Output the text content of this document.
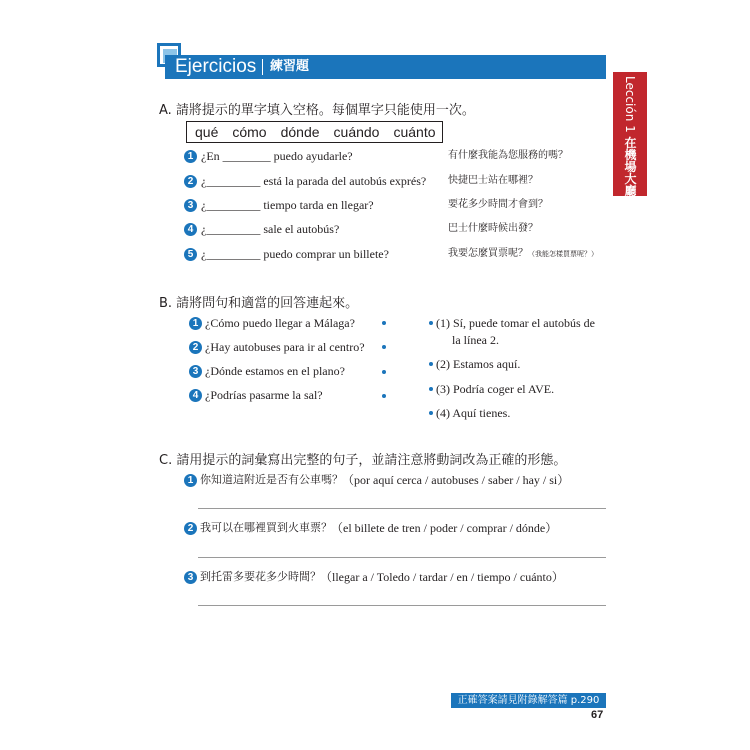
Ejercicios 練習題
Lección 1 在機場大廳
A. 請將提示的單字填入空格。每個單字只能使用一次。
qué cómo dónde cuándo cuánto
1 ¿En ________ puedo ayudarle?	有什麼我能為您服務的嗎？
2 ¿_________ está la parada del autobús exprés? 快捷巴士站在哪裡？
3 ¿_________ tiempo tarda en llegar?	要花多少時間才會到？
4 ¿_________ sale el autobús?	巴士什麼時候出發？
5 ¿_________ puedo comprar un billete?	我要怎麼買票呢？（我能怎樣買票呢？）
B. 請將問句和適當的回答連起來。
1 ¿Cómo puedo llegar a Málaga?
2 ¿Hay autobuses para ir al centro?
3 ¿Dónde estamos en el plano?
4 ¿Podrías pasarme la sal?
(1) Sí, puede tomar el autobús de
la línea 2.
(2) Estamos aquí.
(3) Podría coger el AVE.
(4) Aquí tienes.
C. 請用提示的詞彙寫出完整的句子，並請注意將動詞改為正確的形態。
1 你知道這附近是否有公車嗎？ （por aquí cerca / autobuses / saber / hay / si）
2 我可以在哪裡買到火車票？ （el billete de tren / poder / comprar / dónde）
3 到托雷多要花多少時間？ （llegar a / Toledo / tardar / en / tiempo / cuánto）
正確答案請見附錄解答篇 p.290
67
